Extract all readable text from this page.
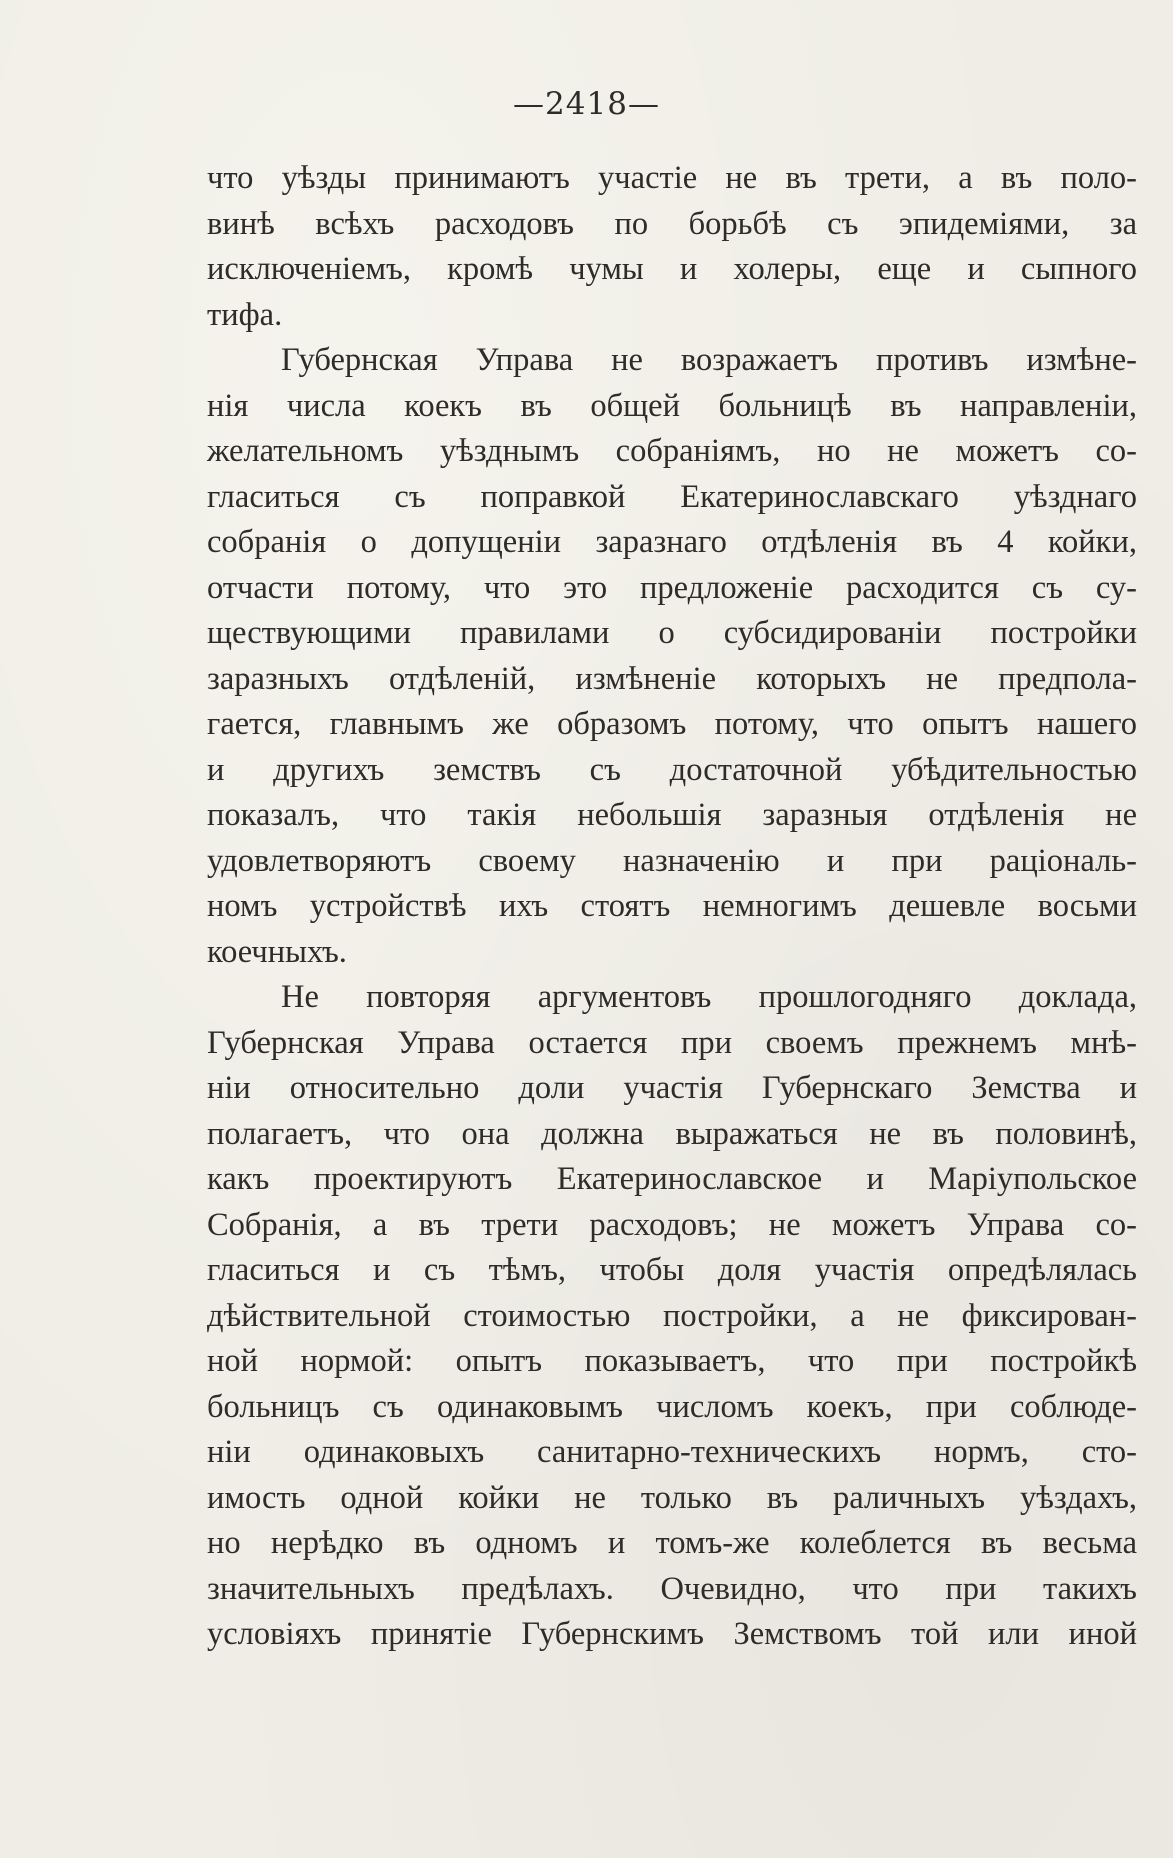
—2418—
что уѣзды принимаютъ участіе не въ трети, а въ поло-
винѣ всѣхъ расходовъ по борьбѣ съ эпидеміями, за
исключеніемъ, кромѣ чумы и холеры, еще и сыпного
тифа.
Губернская Управа не возражаетъ противъ измѣне-
нія числа коекъ въ общей больницѣ въ направленіи,
желательномъ уѣзднымъ собраніямъ, но не можетъ со-
гласиться съ поправкой Екатеринославскаго уѣзднаго
собранія о допущеніи заразнаго отдѣленія въ 4 койки,
отчасти потому, что это предложеніе расходится съ су-
ществующими правилами о субсидированіи постройки
заразныхъ отдѣленій, измѣненіе которыхъ не предпола-
гается, главнымъ же образомъ потому, что опытъ нашего
и другихъ земствъ съ достаточной убѣдительностью
показалъ, что такія небольшія заразныя отдѣленія не
удовлетворяютъ своему назначенію и при раціональ-
номъ устройствѣ ихъ стоятъ немногимъ дешевле восьми
коечныхъ.
Не повторяя аргументовъ прошлогодняго доклада,
Губернская Управа остается при своемъ прежнемъ мнѣ-
ніи относительно доли участія Губернскаго Земства и
полагаетъ, что она должна выражаться не въ половинѣ,
какъ проектируютъ Екатеринославское и Маріупольское
Собранія, а въ трети расходовъ; не можетъ Управа со-
гласиться и съ тѣмъ, чтобы доля участія опредѣлялась
дѣйствительной стоимостью постройки, а не фиксирован-
ной нормой: опытъ показываетъ, что при постройкѣ
больницъ съ одинаковымъ числомъ коекъ, при соблюде-
ніи одинаковыхъ санитарно-техническихъ нормъ, сто-
имость одной койки не только въ раличныхъ уѣздахъ,
но нерѣдко въ одномъ и томъ-же колеблется въ весьма
значительныхъ предѣлахъ. Очевидно, что при такихъ
условіяхъ принятіе Губернскимъ Земствомъ той или иной
